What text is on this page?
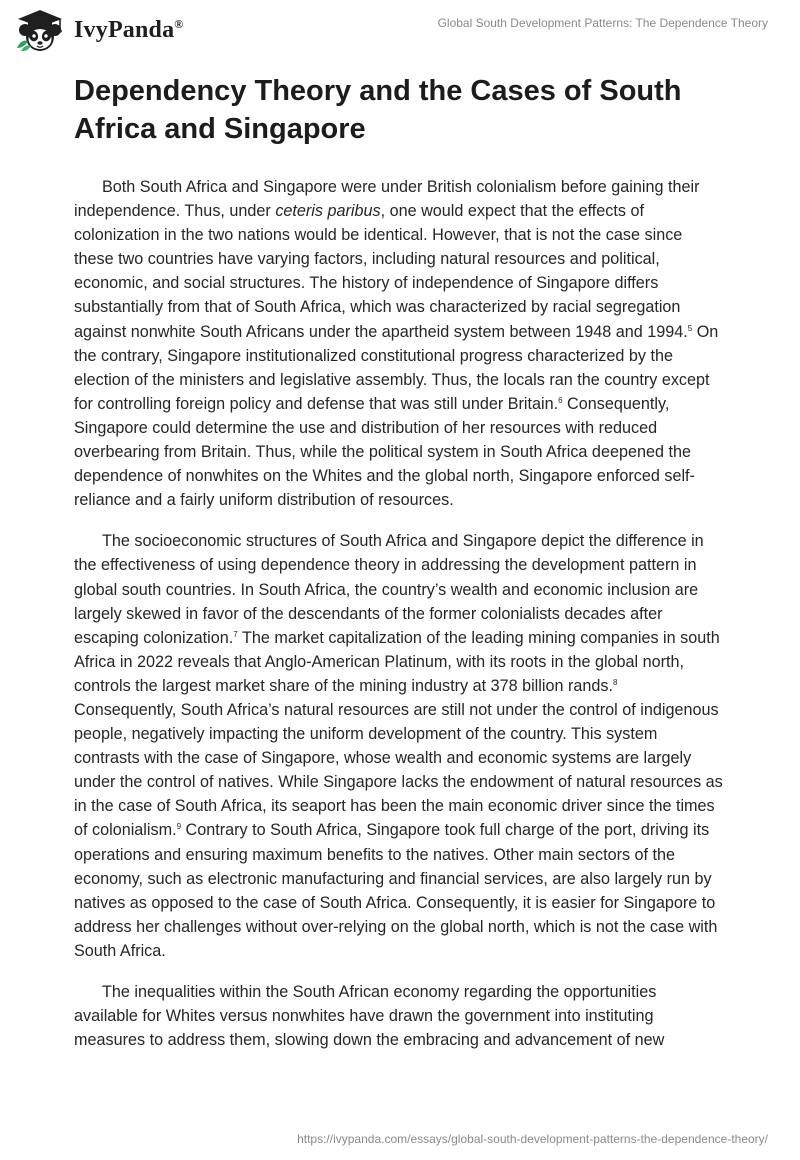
IvyPanda®	Global South Development Patterns: The Dependence Theory
Dependency Theory and the Cases of South Africa and Singapore

Both South Africa and Singapore were under British colonialism before gaining their independence. Thus, under ceteris paribus, one would expect that the effects of colonization in the two nations would be identical. However, that is not the case since these two countries have varying factors, including natural resources and political, economic, and social structures. The history of independence of Singapore differs substantially from that of South Africa, which was characterized by racial segregation against nonwhite South Africans under the apartheid system between 1948 and 1994.$^5$ On the contrary, Singapore institutionalized constitutional progress characterized by the election of the ministers and legislative assembly. Thus, the locals ran the country except for controlling foreign policy and defense that was still under Britain.$^6$ Consequently, Singapore could determine the use and distribution of her resources with reduced overbearing from Britain. Thus, while the political system in South Africa deepened the dependence of nonwhites on the Whites and the global north, Singapore enforced self-reliance and a fairly uniform distribution of resources.

The socioeconomic structures of South Africa and Singapore depict the difference in the effectiveness of using dependence theory in addressing the development pattern in global south countries. In South Africa, the country’s wealth and economic inclusion are largely skewed in favor of the descendants of the former colonialists decades after escaping colonization.$^7$ The market capitalization of the leading mining companies in south Africa in 2022 reveals that Anglo-American Platinum, with its roots in the global north, controls the largest market share of the mining industry at 378 billion rands.$^8$ Consequently, South Africa’s natural resources are still not under the control of indigenous people, negatively impacting the uniform development of the country. This system contrasts with the case of Singapore, whose wealth and economic systems are largely under the control of natives. While Singapore lacks the endowment of natural resources as in the case of South Africa, its seaport has been the main economic driver since the times of colonialism.$^9$ Contrary to South Africa, Singapore took full charge of the port, driving its operations and ensuring maximum benefits to the natives. Other main sectors of the economy, such as electronic manufacturing and financial services, are also largely run by natives as opposed to the case of South Africa. Consequently, it is easier for Singapore to address her challenges without over-relying on the global north, which is not the case with South Africa.

The inequalities within the South African economy regarding the opportunities available for Whites versus nonwhites have drawn the government into instituting measures to address them, slowing down the embracing and advancement of new

https://ivypanda.com/essays/global-south-development-patterns-the-dependence-theory/
